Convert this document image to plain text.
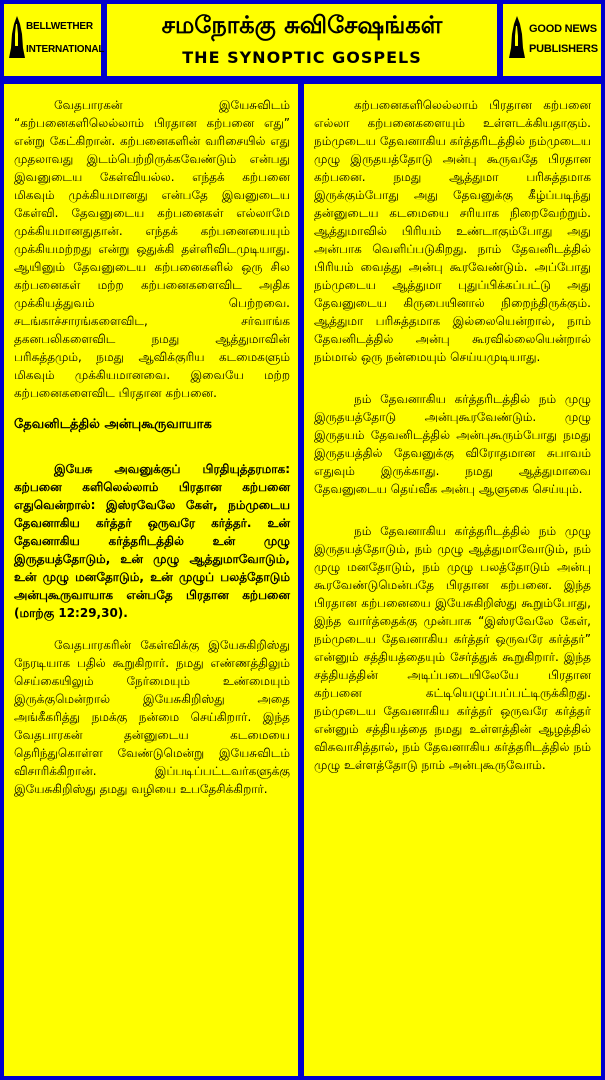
BELLWETHER
INTERNATIONAL
சமநோக்கு சுவிசேஷங்கள்
THE SYNOPTIC GOSPELS
GOOD NEWS
PUBLISHERS

வேதபாரகன் இயேசுவிடம் “கற்பனைகளிலெல்லாம் பிரதான கற்பனை எது” என்று கேட்கிறான். கற்பனைகளின் வரிசையில் எது முதலாவது இடம்பெற்றிருக்கவேண்டும் என்பது இவனுடைய கேள்வியல்ல. எந்தக் கற்பனை மிகவும் முக்கியமானது என்பதே இவனுடைய கேள்வி. தேவனுடைய கற்பனைகள் எல்லாமே முக்கியமானதுதான். எந்தக் கற்பனையையும் முக்கியமற்றது என்று ஒதுக்கி தள்ளிவிடமுடியாது. ஆயினும் தேவனுடைய கற்பனைகளில் ஒரு சில கற்பனைகள் மற்ற கற்பனைகளைவிட அதிக முக்கியத்துவம் பெற்றவை. சடங்காச்சாரங்களைவிட, சர்வாங்க தகனபலிகளைவிட நமது ஆத்துமாவின் பரிசுத்தமும், நமது ஆவிக்குரிய கடமைகளும் மிகவும் முக்கியமானவை. இவையே மற்ற கற்பனைகளைவிட பிரதான கற்பனை.

தேவனிடத்தில் அன்புகூருவாயாக

இயேசு அவனுக்குப் பிரதியுத்தரமாக: கற்பனை களிலெல்லாம் பிரதான கற்பனை எதுவென்றால்: இஸ்ரவேலே கேள், நம்முடைய தேவனாகிய கர்த்தர் ஒருவரே கர்த்தர். உன் தேவனாகிய கர்த்தரிடத்தில் உன் முழு இருதயத்தோடும், உன் முழு ஆத்துமாவோடும், உன் முழு மனதோடும், உன் முழுப் பலத்தோடும் அன்புகூருவாயாக என்பதே பிரதான கற்பனை (மாற்கு 12:29,30).

வேதபாரகரின் கேள்விக்கு இயேசுகிறிஸ்து நேரடியாக பதில் கூறுகிறார். நமது எண்ணத்திலும் செய்கையிலும் நேர்மையும் உண்மையும் இருக்குமென்றால் இயேசுகிறிஸ்து அதை அங்கீகரித்து நமக்கு நன்மை செய்கிறார். இந்த வேதபாரகன் தன்னுடைய கடமையை தெரிந்துகொள்ள வேண்டுமென்று இயேசுவிடம் விசாரிக்கிறான். இப்படிப்பட்டவர்களுக்கு இயேசுகிறிஸ்து தமது வழியை உபதேசிக்கிறார்.

கற்பனைகளிலெல்லாம் பிரதான கற்பனை எல்லா கற்பனைகளையும் உள்ளடக்கியதாகும். நம்முடைய தேவனாகிய கர்த்தரிடத்தில் நம்முடைய முழு இருதயத்தோடு அன்பு கூருவதே பிரதான கற்பனை. நமது ஆத்துமா பரிசுத்தமாக இருக்கும்போது அது தேவனுக்கு கீழ்ப்படிந்து தன்னுடைய கடமையை சரியாக நிறைவேற்றும். ஆத்துமாவில் பிரியம் உண்டாகும்போது அது அன்பாக வெளிப்படுகிறது. நாம் தேவனிடத்தில் பிரியம் வைத்து அன்பு கூரவேண்டும். அப்போது நம்முடைய ஆத்துமா புதுப்பிக்கப்பட்டு அது தேவனுடைய கிருபையினால் நிறைந்திருக்கும். ஆத்துமா பரிசுத்தமாக இல்லையென்றால், நாம் தேவனிடத்தில் அன்பு கூரவில்லையென்றால் நம்மால் ஒரு நன்மையும் செய்யமுடியாது.

நம் தேவனாகிய கர்த்தரிடத்தில் நம் முழு இருதயத்தோடு அன்புகூரவேண்டும். முழு இருதயம் தேவனிடத்தில் அன்புகூரும்போது நமது இருதயத்தில் தேவனுக்கு விரோதமான சுபாவம் எதுவும் இருக்காது. நமது ஆத்துமாவை தேவனுடைய தெய்வீக அன்பு ஆளுகை செய்யும்.

நம் தேவனாகிய கர்த்தரிடத்தில் நம் முழு இருதயத்தோடும், நம் முழு ஆத்துமாவோடும், நம் முழு மனதோடும், நம் முழு பலத்தோடும் அன்பு கூரவேண்டுமென்பதே பிரதான கற்பனை. இந்த பிரதான கற்பனையை இயேசுகிறிஸ்து கூறும்போது, இந்த வார்த்தைக்கு முன்பாக “இஸ்ரவேலே கேள், நம்முடைய தேவனாகிய கர்த்தர் ஒருவரே கர்த்தர்” என்னும் சத்தியத்தையும் சேர்த்துக் கூறுகிறார். இந்த சத்தியத்தின் அடிப்படையிலேயே பிரதான கற்பனை கட்டியெழுப்பப்பட்டிருக்கிறது. நம்முடைய தேவனாகிய கர்த்தர் ஒருவரே கர்த்தர் என்னும் சத்தியத்தை நமது உள்ளத்தின் ஆழத்தில் விசுவாசித்தால், நம் தேவனாகிய கர்த்தரிடத்தில் நம் முழு உள்ளத்தோடு நாம் அன்புகூருவோம்.
